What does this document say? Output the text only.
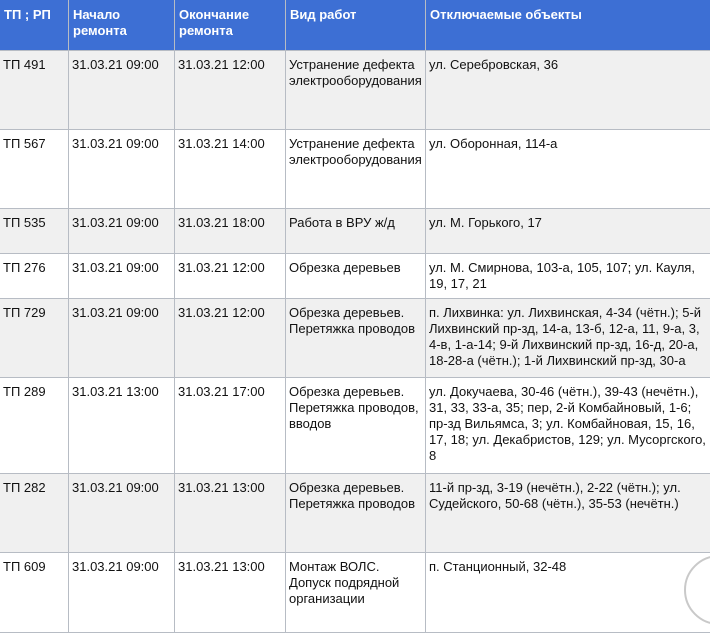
ТП ; РП	Начало ремонта	Окончание ремонта	Вид работ	Отключаемые объекты

ТП 491	31.03.21 09:00	31.03.21 12:00	Устранение дефекта электрооборудования	ул. Серебровская, 36
ТП 567	31.03.21 09:00	31.03.21 14:00	Устранение дефекта электрооборудования	ул. Оборонная, 114-а
ТП 535	31.03.21 09:00	31.03.21 18:00	Работа в ВРУ ж/д	ул. М. Горького, 17
ТП 276	31.03.21 09:00	31.03.21 12:00	Обрезка деревьев	ул. М. Смирнова, 103-а, 105, 107; ул. Кауля, 19, 17, 21
ТП 729	31.03.21 09:00	31.03.21 12:00	Обрезка деревьев. Перетяжка проводов	п. Лихвинка: ул. Лихвинская, 4-34 (чётн.); 5-й Лихвинский пр-зд, 14-а, 13-б, 12-а, 11, 9-а, 3, 4-в, 1-а-14; 9-й Лихвинский пр-зд, 16-д, 20-а, 18-28-а (чётн.); 1-й Лихвинский пр-зд, 30-а
ТП 289	31.03.21 13:00	31.03.21 17:00	Обрезка деревьев. Перетяжка проводов, вводов	ул. Докучаева, 30-46 (чётн.), 39-43 (нечётн.), 31, 33, 33-а, 35; пер, 2-й Комбайновый, 1-6; пр-зд Вильямса, 3; ул. Комбайновая, 15, 16, 17, 18; ул. Декабристов, 129; ул. Мусоргского, 8
ТП 282	31.03.21 09:00	31.03.21 13:00	Обрезка деревьев. Перетяжка проводов	11-й пр-зд, 3-19 (нечётн.), 2-22 (чётн.); ул. Судейского, 50-68 (чётн.), 35-53 (нечётн.)
ТП 609	31.03.21 09:00	31.03.21 13:00	Монтаж ВОЛС. Допуск подрядной организации	п. Станционный, 32-48
